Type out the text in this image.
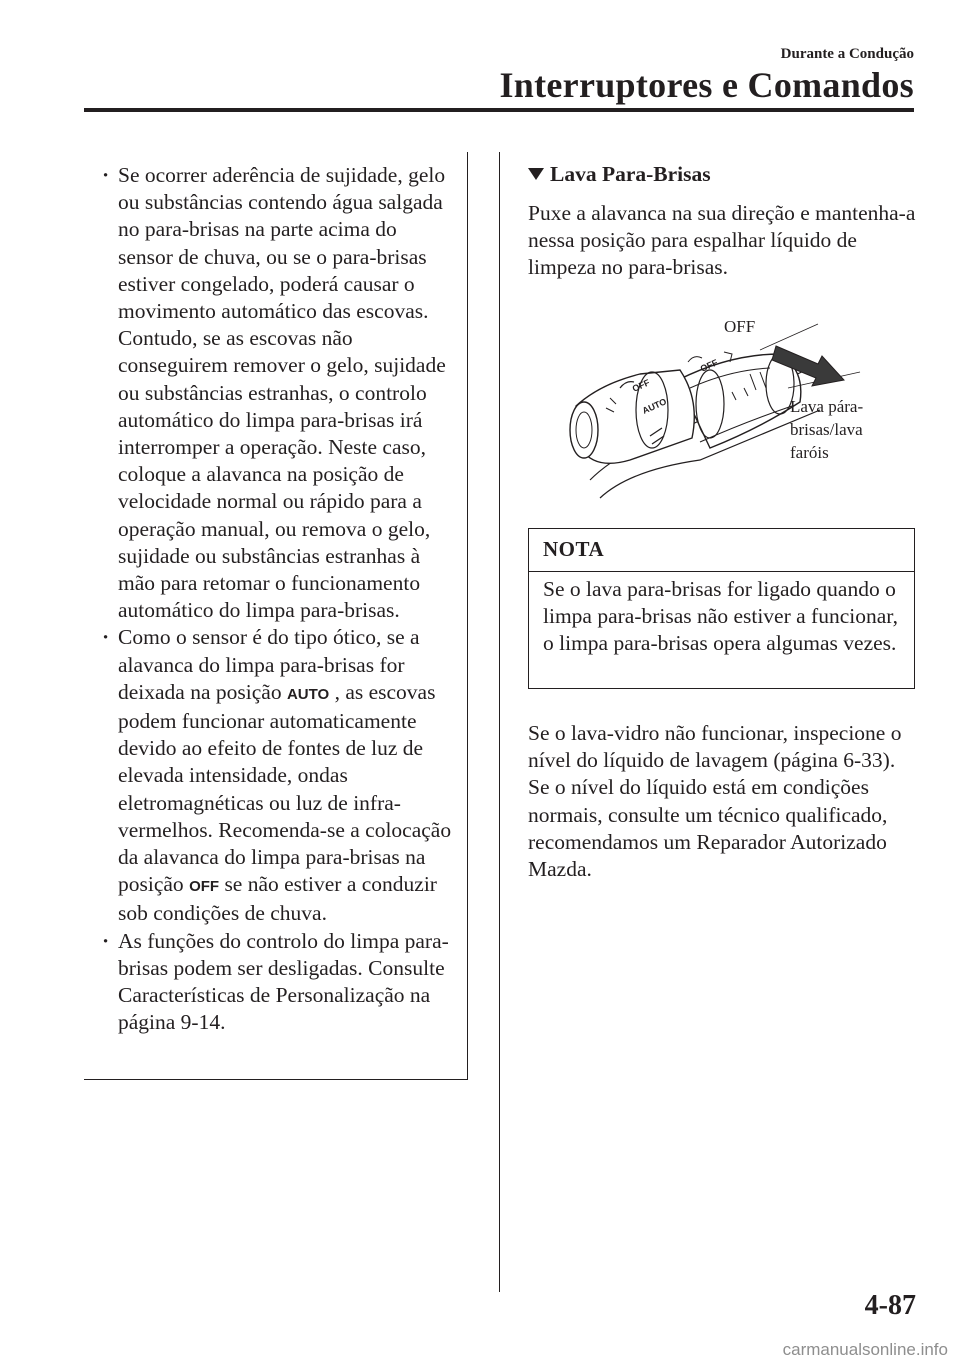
Durante a Condução
Interruptores e Comandos
· Se ocorrer aderência de sujidade, gelo ou substâncias contendo água salgada no para-brisas na parte acima do sensor de chuva, ou se o para-brisas estiver congelado, poderá causar o movimento automático das escovas. Contudo, se as escovas não conseguirem remover o gelo, sujidade ou substâncias estranhas, o controlo automático do limpa para-brisas irá interromper a operação. Neste caso, coloque a alavanca na posição de velocidade normal ou rápido para a operação manual, ou remova o gelo, sujidade ou substâncias estranhas à mão para retomar o funcionamento automático do limpa para-brisas.
· Como o sensor é do tipo ótico, se a alavanca do limpa para-brisas for deixada na posição AUTO , as escovas podem funcionar automaticamente devido ao efeito de fontes de luz de elevada intensidade, ondas eletromagnéticas ou luz de infra-vermelhos. Recomenda-se a colocação da alavanca do limpa para-brisas na posição OFF se não estiver a conduzir sob condições de chuva.
· As funções do controlo do limpa para-brisas podem ser desligadas. Consulte Características de Personalização na página 9-14.
Lava Para-Brisas

Puxe a alavanca na sua direção e mantenha-a nessa posição para espalhar líquido de limpeza no para-brisas.

AUTO
OFF
OFF
OFF
Lava pára-
brisas/lava
faróis
NOTA
Se o lava para-brisas for ligado quando o limpa para-brisas não estiver a funcionar, o limpa para-brisas opera algumas vezes.

Se o lava-vidro não funcionar, inspecione o nível do líquido de lavagem (página 6-33). Se o nível do líquido está em condições normais, consulte um técnico qualificado, recomendamos um Reparador Autorizado Mazda.

4-87
carmanualsonline.info
